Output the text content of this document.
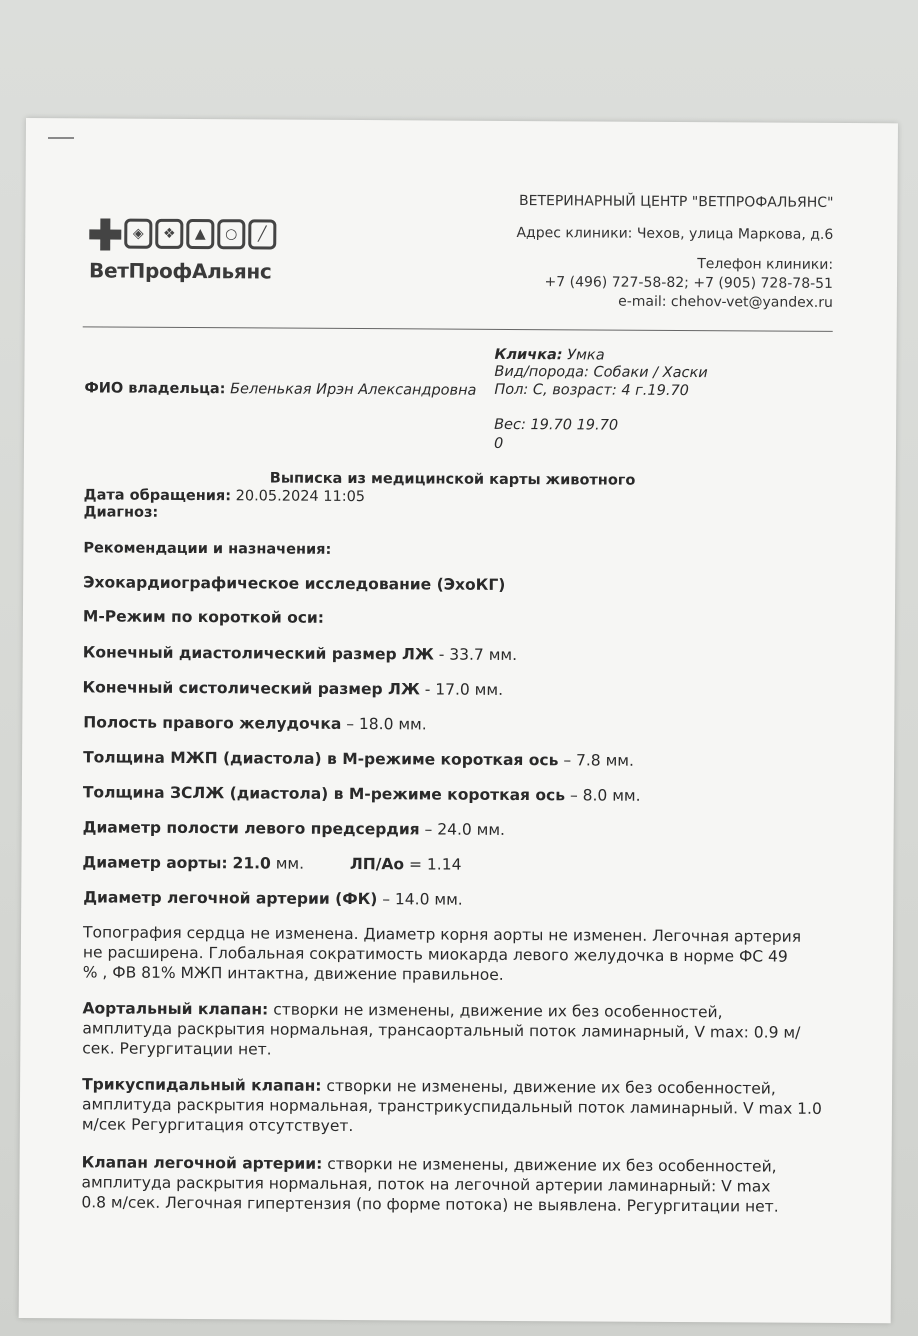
◈	❖	▲	○	╱
ВетПрофАльянс
ВЕТЕРИНАРНЫЙ ЦЕНТР "ВЕТПРОФАЛЬЯНС"
Адрес клиники: Чехов, улица Маркова, д.6
Телефон клиники:
+7 (496) 727-58-82; +7 (905) 728-78-51
e-mail: chehov-vet@yandex.ru
ФИО владельца: Беленькая Ирэн Александровна
Кличка: Умка
Вид/порода: Собаки / Хаски
Пол: С, возраст: 4 г.19.70
Вес: 19.70 19.70
0
Выписка из медицинской карты животного
Дата обращения: 20.05.2024 11:05
Диагноз:
Рекомендации и назначения:
Эхокардиографическое исследование (ЭхоКГ)
М-Режим по короткой оси:
Конечный диастолический размер ЛЖ - 33.7 мм.
Конечный систолический размер ЛЖ - 17.0 мм.
Полость правого желудочка – 18.0 мм.
Толщина МЖП (диастола) в М-режиме короткая ось – 7.8 мм.
Толщина ЗСЛЖ (диастола) в М-режиме короткая ось – 8.0 мм.
Диаметр полости левого предсердия – 24.0 мм.
Диаметр аорты: 21.0 мм.	ЛП/Ао = 1.14
Диаметр легочной артерии (ФК) – 14.0 мм.
Топография сердца не изменена. Диаметр корня аорты не изменен. Легочная артерия не расширена. Глобальная сократимость миокарда левого желудочка в норме ФС 49 % , ФВ 81% МЖП интактна, движение правильное.
Аортальный клапан: створки не изменены, движение их без особенностей, амплитуда раскрытия нормальная, трансаортальный поток ламинарный, V max: 0.9 м/сек. Регургитации нет.
Трикуспидальный клапан: створки не изменены, движение их без особенностей, амплитуда раскрытия нормальная, транстрикуспидальный поток ламинарный. V max 1.0 м/сек Регургитация отсутствует.
Клапан легочной артерии: створки не изменены, движение их без особенностей, амплитуда раскрытия нормальная, поток на легочной артерии ламинарный: V max 0.8 м/сек. Легочная гипертензия (по форме потока) не выявлена. Регургитации нет.
